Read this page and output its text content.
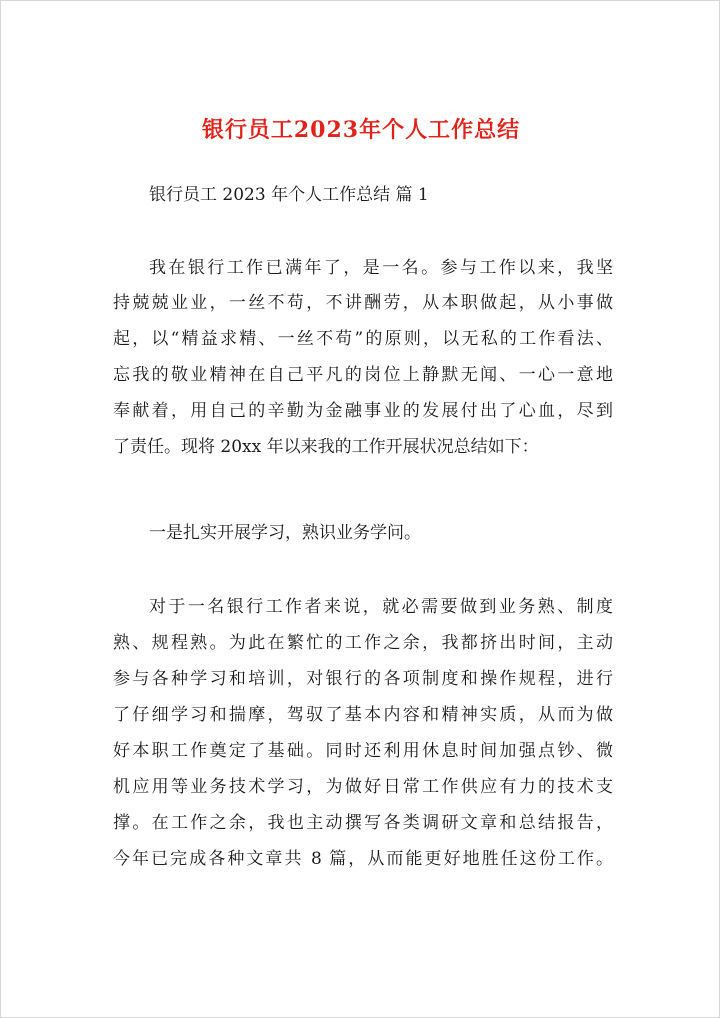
银行员工2023年个人工作总结
银行员工 2023 年个人工作总结 篇 1
我在银行工作已满年了，是一名。参与工作以来，我坚
持兢兢业业，一丝不苟，不讲酬劳，从本职做起，从小事做
起，以“精益求精、一丝不苟”的原则，以无私的工作看法、
忘我的敬业精神在自己平凡的岗位上静默无闻、一心一意地
奉献着，用自己的辛勤为金融事业的发展付出了心血，尽到
了责任。现将 20xx 年以来我的工作开展状况总结如下：
一是扎实开展学习，熟识业务学问。
对于一名银行工作者来说，就必需要做到业务熟、制度
熟、规程熟。为此在繁忙的工作之余，我都挤出时间，主动
参与各种学习和培训，对银行的各项制度和操作规程，进行
了仔细学习和揣摩，驾驭了基本内容和精神实质，从而为做
好本职工作奠定了基础。同时还利用休息时间加强点钞、微
机应用等业务技术学习，为做好日常工作供应有力的技术支
撑。在工作之余，我也主动撰写各类调研文章和总结报告，
今年已完成各种文章共 8 篇，从而能更好地胜任这份工作。
